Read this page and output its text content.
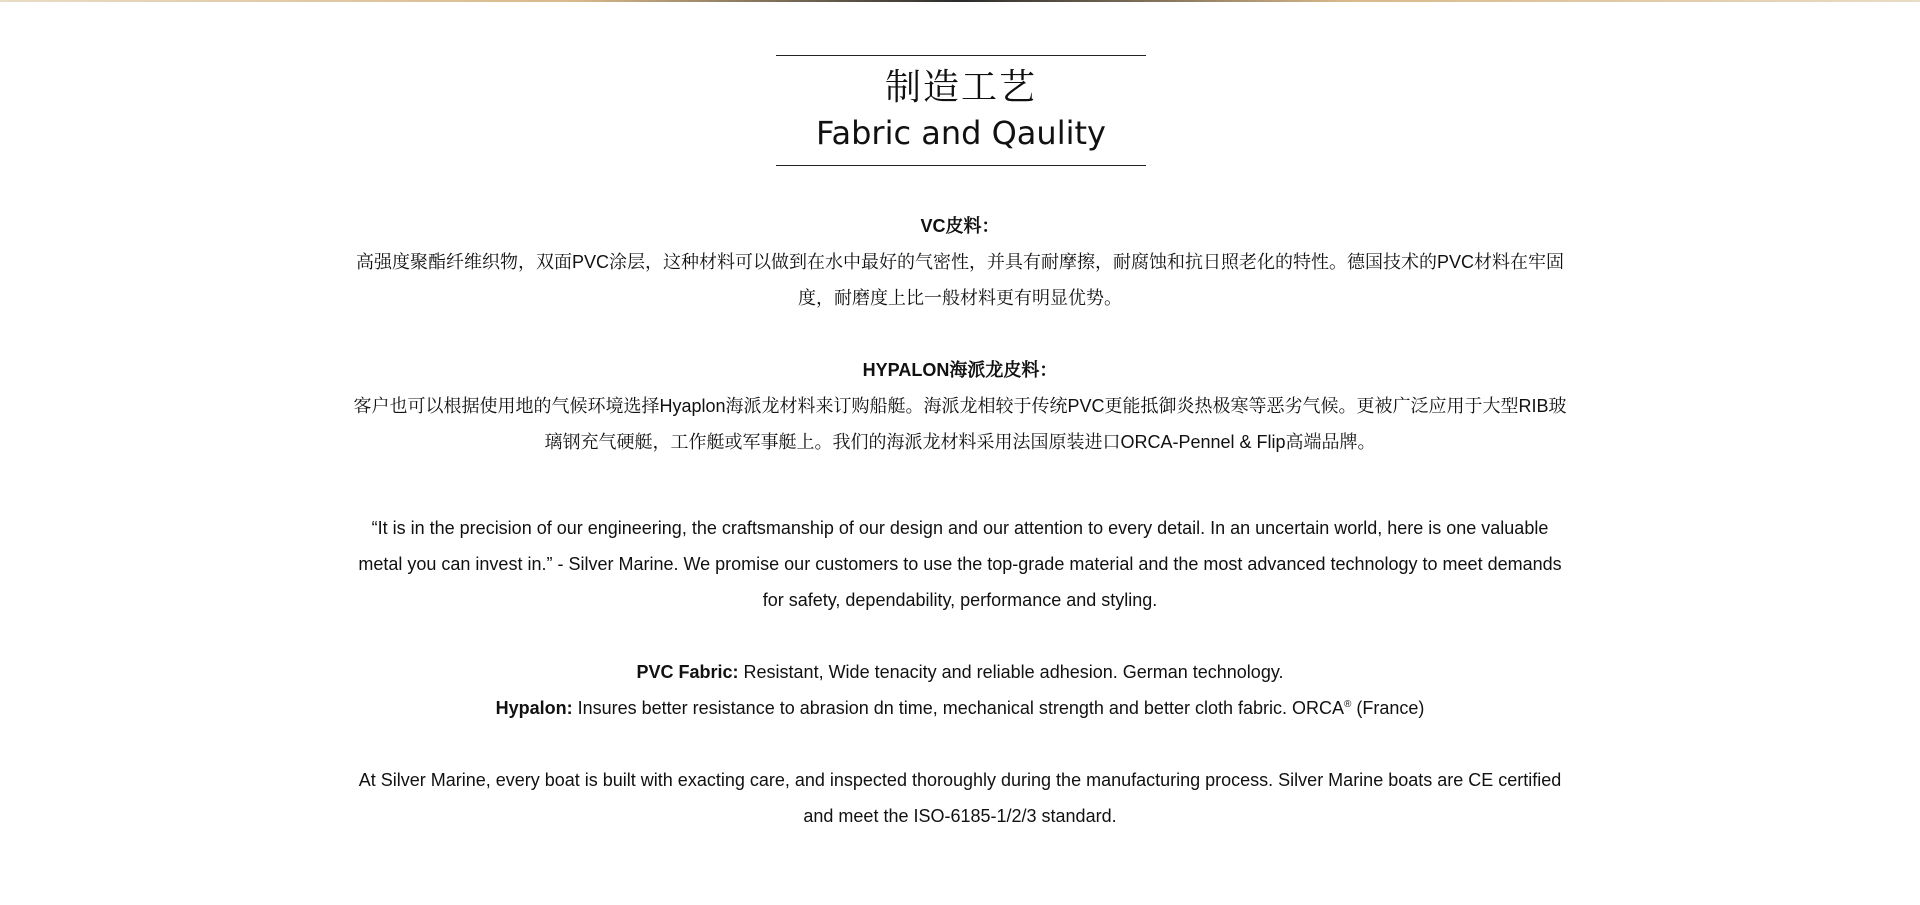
制造工艺
Fabric and Qaulity

VC皮料：

高强度聚酯纤维织物，双面PVC涂层，这种材料可以做到在水中最好的气密性，并具有耐摩擦，耐腐蚀和抗日照老化的特性。德国技术的PVC材料在牢固度，耐磨度上比一般材料更有明显优势。

HYPALON海派龙皮料：

客户也可以根据使用地的气候环境选择Hyaplon海派龙材料来订购船艇。海派龙相较于传统PVC更能抵御炎热极寒等恶劣气候。更被广泛应用于大型RIB玻璃钢充气硬艇，工作艇或军事艇上。我们的海派龙材料采用法国原装进口ORCA-Pennel & Flip高端品牌。

“It is in the precision of our engineering, the craftsmanship of our design and our attention to every detail. In an uncertain world, here is one valuable metal you can invest in.” - Silver Marine. We promise our customers to use the top-grade material and the most advanced technology to meet demands for safety, dependability, performance and styling.

PVC Fabric: Resistant, Wide tenacity and reliable adhesion. German technology.

Hypalon: Insures better resistance to abrasion dn time, mechanical strength and better cloth fabric. ORCA® (France)

At Silver Marine, every boat is built with exacting care, and inspected thoroughly during the manufacturing process. Silver Marine boats are CE certified and meet the ISO-6185-1/2/3 standard.
